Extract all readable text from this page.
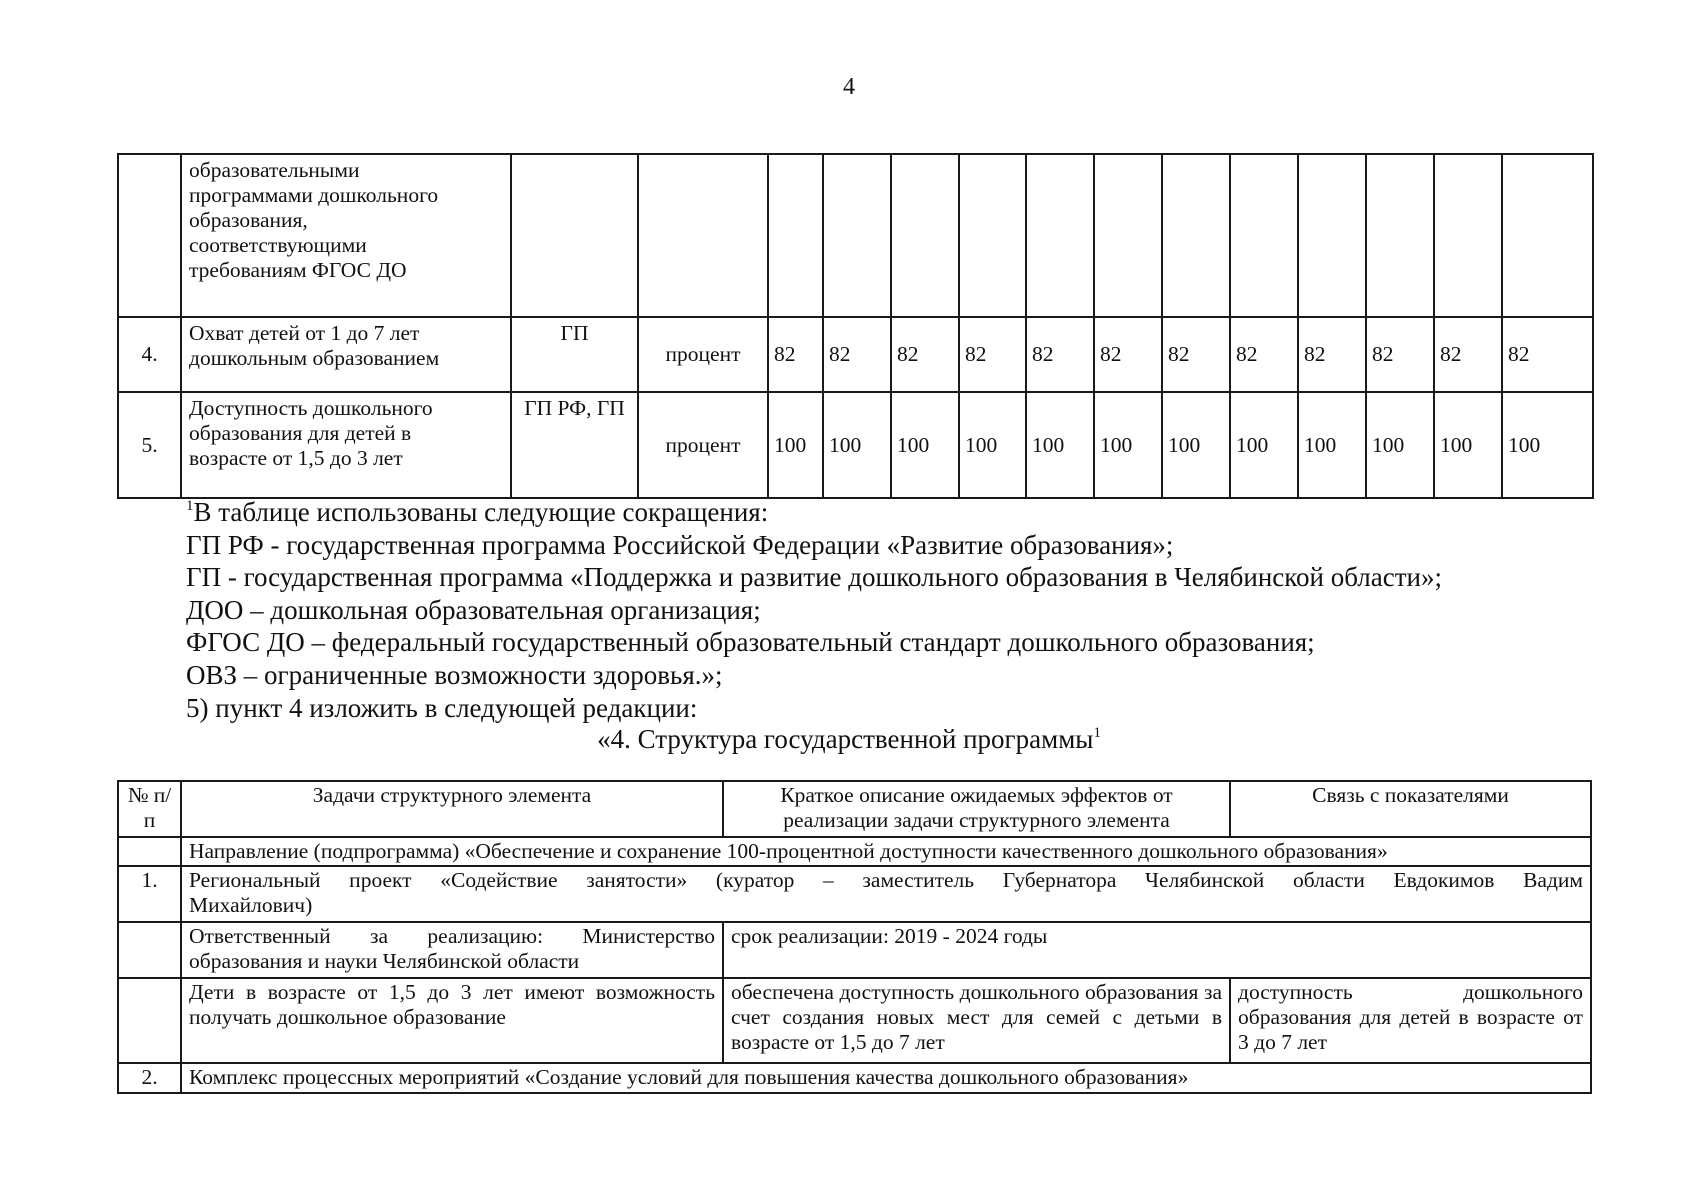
4

	образовательными
программами дошкольного
образования,
соответствующими
требованиям ФГОС ДО														

4.	Охват детей от 1 до 7 лет
дошкольным образованием	ГП	процент	82	82	82	82	82	82	82	82	82	82	82	82
5.	Доступность дошкольного
образования для детей в
возрасте от 1,5 до 3 лет	ГП РФ, ГП	процент	100	100	100	100	100	100	100	100	100	100	100	100
$^1$В таблице использованы следующие сокращения:
ГП РФ - государственная программа Российской Федерации «Развитие образования»;
ГП - государственная программа «Поддержка и развитие дошкольного образования в Челябинской области»;
ДОО – дошкольная образовательная организация;
ФГОС ДО – федеральный государственный образовательный стандарт дошкольного образования;
ОВЗ – ограниченные возможности здоровья.»;
5) пункт 4 изложить в следующей редакции:
«4. Структура государственной программы$^1$
№ п/п	Задачи структурного элемента	Краткое описание ожидаемых эффектов от реализации задачи структурного элемента	Связь с показателями
	Направление (подпрограмма) «Обеспечение и сохранение 100-процентной доступности качественного дошкольного образования»		
1.	Региональный проект «Содействие занятости» (куратор – заместитель Губернатора Челябинской области Евдокимов Вадим
Михайлович)		
	Ответственный за реализацию: Министерство образования и науки Челябинской области	срок реализации: 2019 - 2024 годы	
	Дети в возрасте от 1,5 до 3 лет имеют возможность получать дошкольное образование	обеспечена доступность дошкольного образования за счет создания новых мест для семей с детьми в возрасте от 1,5 до 7 лет	доступность дошкольного образования для детей в возрасте от 3 до 7 лет
2.	Комплекс процессных мероприятий «Создание условий для повышения качества дошкольного образования»		
